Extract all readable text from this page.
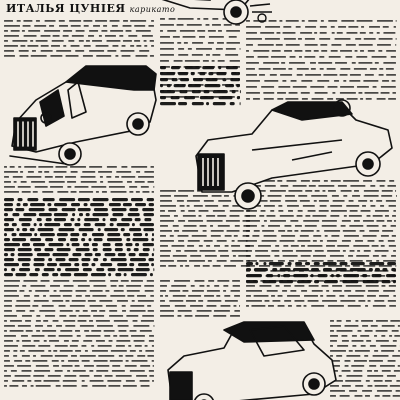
ИТАЛЬЯ ЦУНІЕЯ карикато
